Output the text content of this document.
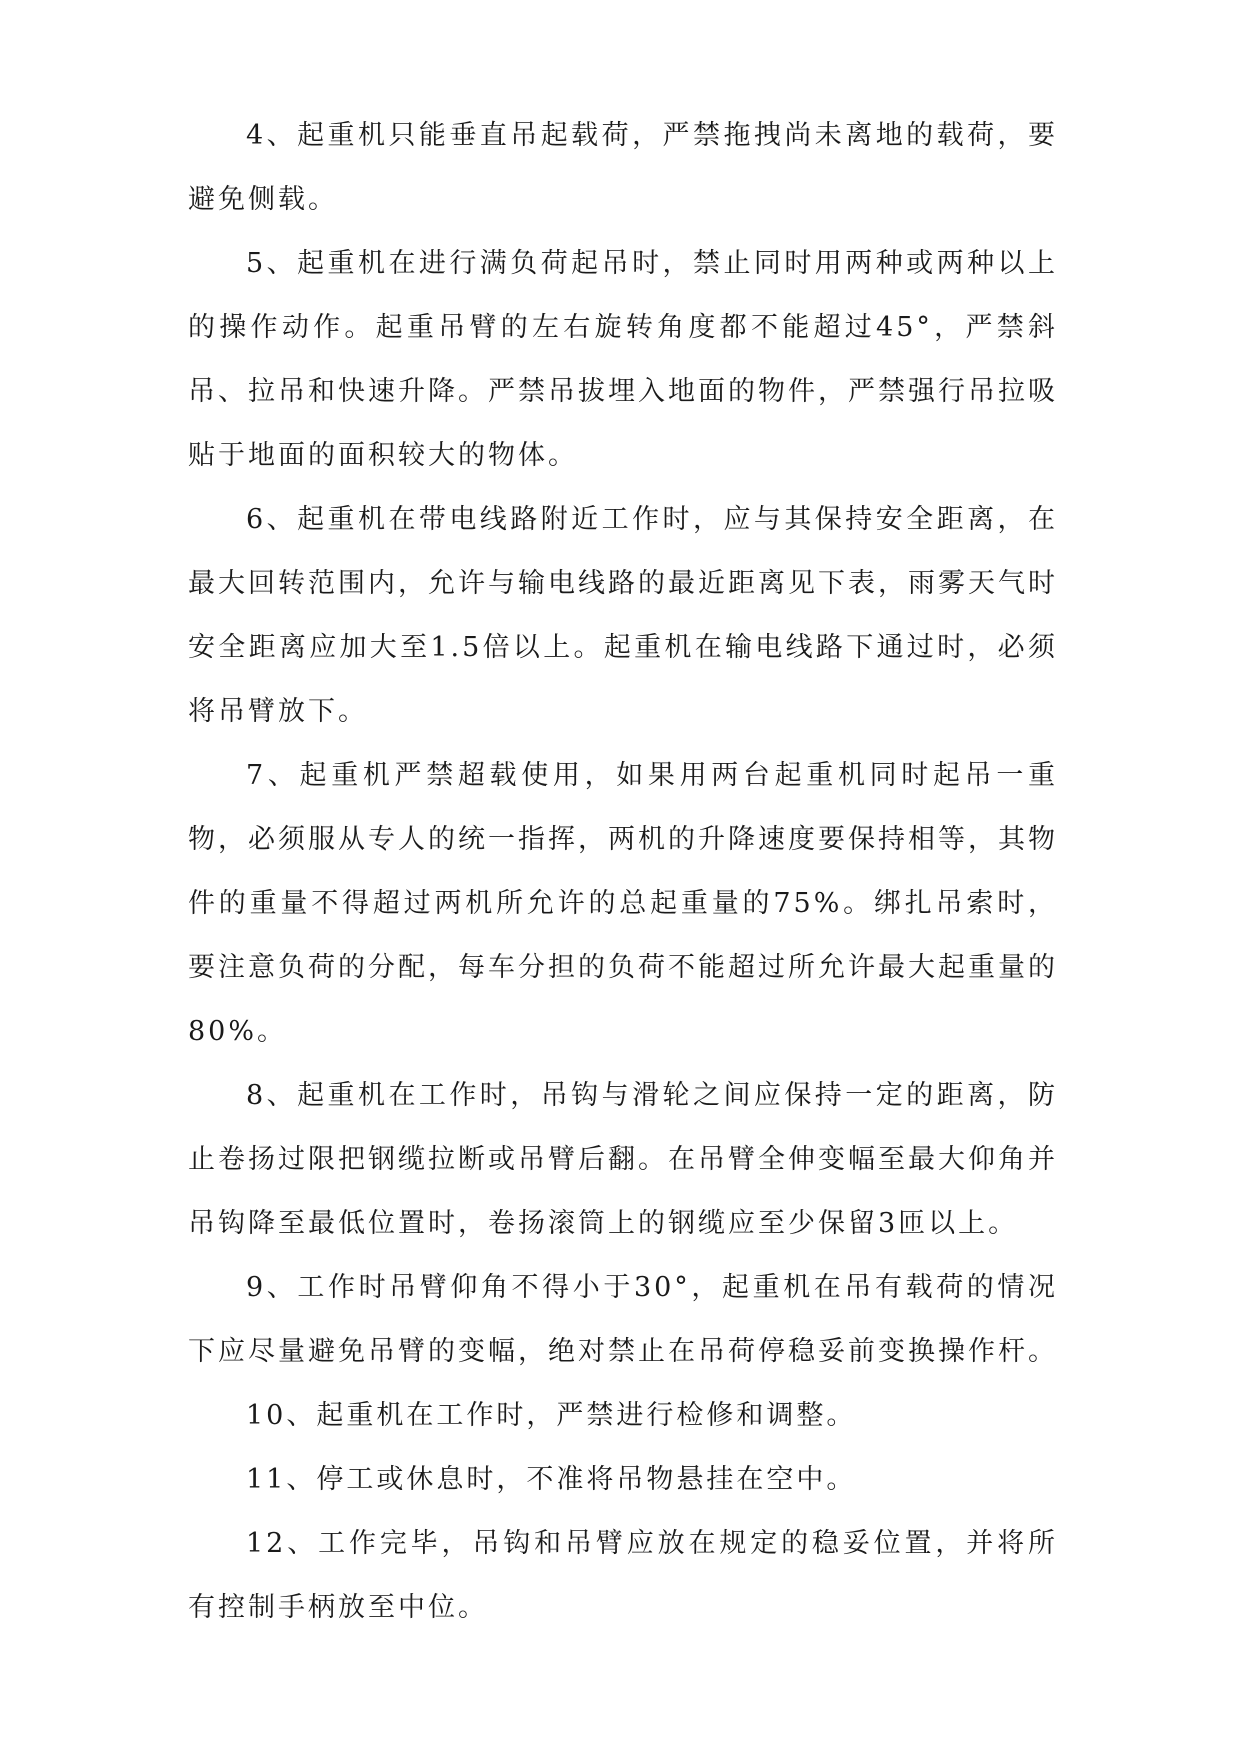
4、起重机只能垂直吊起载荷，严禁拖拽尚未离地的载荷，要避免侧载。

5、起重机在进行满负荷起吊时，禁止同时用两种或两种以上的操作动作。起重吊臂的左右旋转角度都不能超过45°，严禁斜吊、拉吊和快速升降。严禁吊拔埋入地面的物件，严禁强行吊拉吸贴于地面的面积较大的物体。

6、起重机在带电线路附近工作时，应与其保持安全距离，在最大回转范围内，允许与输电线路的最近距离见下表，雨雾天气时安全距离应加大至1.5倍以上。起重机在输电线路下通过时，必须将吊臂放下。

7、起重机严禁超载使用，如果用两台起重机同时起吊一重物，必须服从专人的统一指挥，两机的升降速度要保持相等，其物件的重量不得超过两机所允许的总起重量的75%。绑扎吊索时，要注意负荷的分配，每车分担的负荷不能超过所允许最大起重量的80%。

8、起重机在工作时，吊钩与滑轮之间应保持一定的距离，防止卷扬过限把钢缆拉断或吊臂后翻。在吊臂全伸变幅至最大仰角并吊钩降至最低位置时，卷扬滚筒上的钢缆应至少保留3匝以上。

9、工作时吊臂仰角不得小于30°，起重机在吊有载荷的情况下应尽量避免吊臂的变幅，绝对禁止在吊荷停稳妥前变换操作杆。

10、起重机在工作时，严禁进行检修和调整。

11、停工或休息时，不准将吊物悬挂在空中。

12、工作完毕，吊钩和吊臂应放在规定的稳妥位置，并将所有控制手柄放至中位。
